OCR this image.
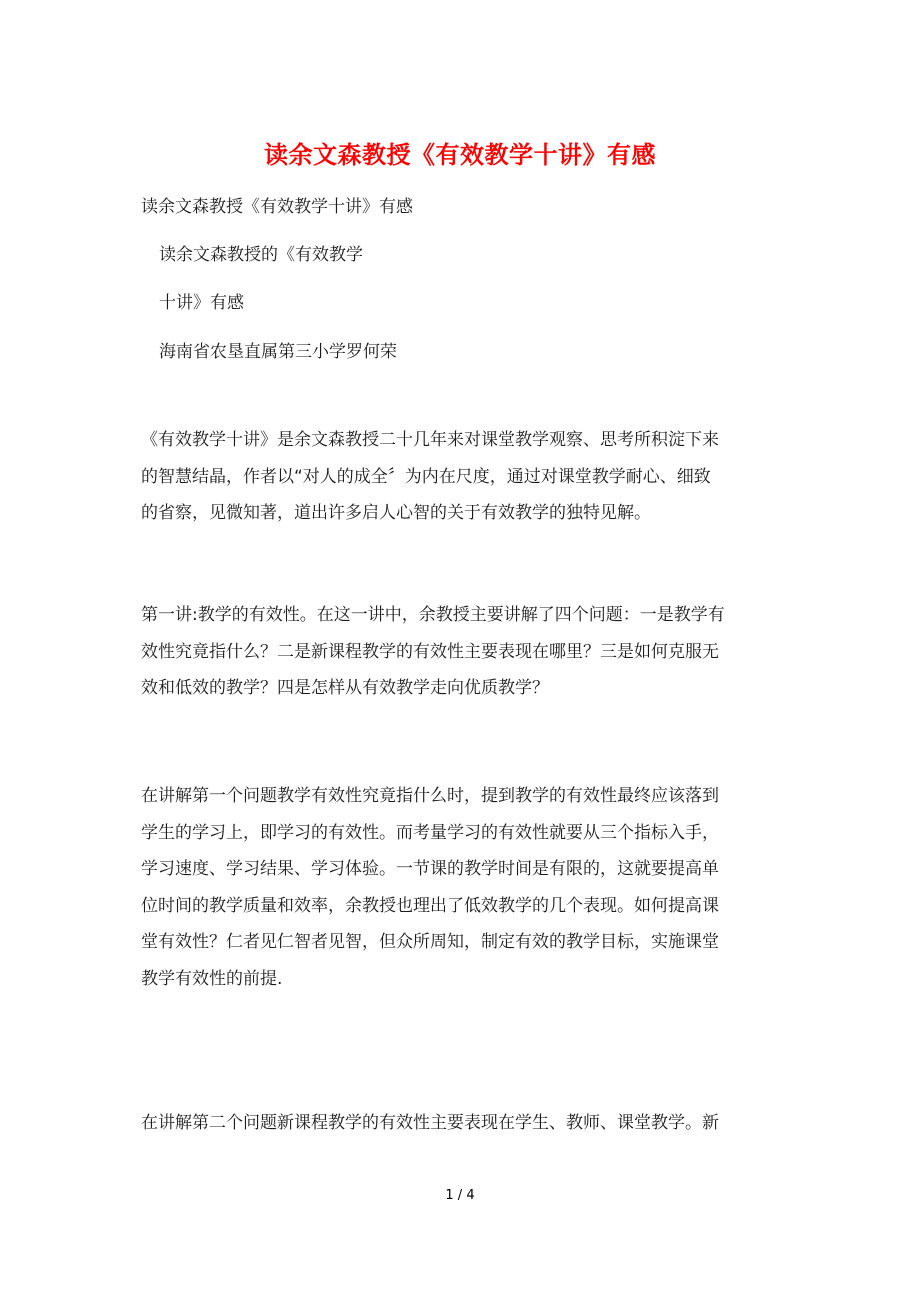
读余文森教授《有效教学十讲》有感
读余文森教授《有效教学十讲》有感
读余文森教授的《有效教学
十讲》有感
海南省农垦直属第三小学罗何荣
《有效教学十讲》是余文森教授二十几年来对课堂教学观察、思考所积淀下来
的智慧结晶，作者以“对人的成全〞为内在尺度，通过对课堂教学耐心、细致
的省察，见微知著，道出许多启人心智的关于有效教学的独特见解。
第一讲:教学的有效性。在这一讲中，余教授主要讲解了四个问题：一是教学有
效性究竟指什么？二是新课程教学的有效性主要表现在哪里？三是如何克服无
效和低效的教学？四是怎样从有效教学走向优质教学？
在讲解第一个问题教学有效性究竟指什么时，提到教学的有效性最终应该落到
学生的学习上，即学习的有效性。而考量学习的有效性就要从三个指标入手，
学习速度、学习结果、学习体验。一节课的教学时间是有限的，这就要提高单
位时间的教学质量和效率，余教授也理出了低效教学的几个表现。如何提高课
堂有效性？仁者见仁智者见智，但众所周知，制定有效的教学目标，实施课堂
教学有效性的前提.
在讲解第二个问题新课程教学的有效性主要表现在学生、教师、课堂教学。新
1 / 4
